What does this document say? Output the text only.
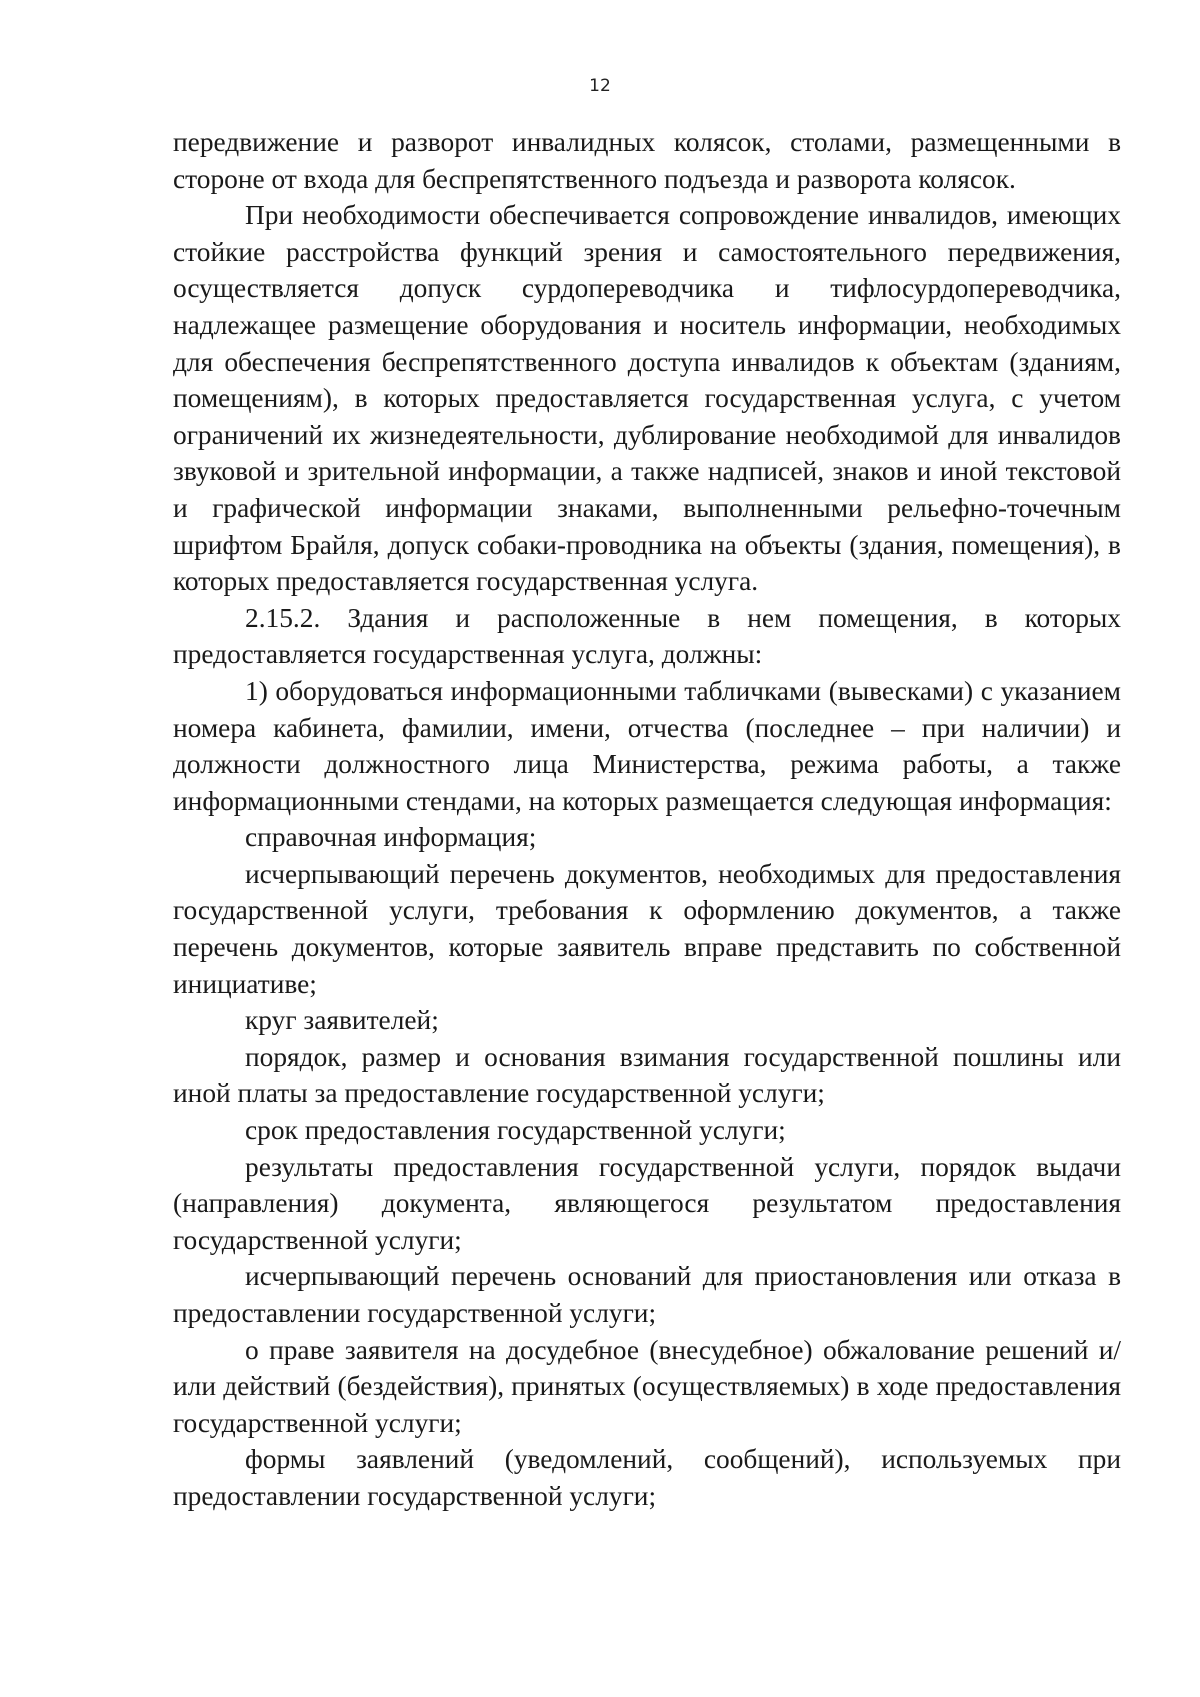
12

передвижение и разворот инвалидных колясок, столами, размещенными в стороне от входа для беспрепятственного подъезда и разворота колясок.

При необходимости обеспечивается сопровождение инвалидов, имеющих стойкие расстройства функций зрения и самостоятельного передвижения, осуществляется допуск сурдопереводчика и тифлосурдопереводчика, надлежащее размещение оборудования и носитель информации, необходимых для обеспечения беспрепятственного доступа инвалидов к объектам (зданиям, помещениям), в которых предоставляется государственная услуга, с учетом ограничений их жизнедеятельности, дублирование необходимой для инвалидов звуковой и зрительной информации, а также надписей, знаков и иной текстовой и графической информации знаками, выполненными рельефно-точечным шрифтом Брайля, допуск собаки-проводника на объекты (здания, помещения), в которых предоставляется государственная услуга.

2.15.2. Здания и расположенные в нем помещения, в которых предоставляется государственная услуга, должны:

1) оборудоваться информационными табличками (вывесками) с указанием номера кабинета, фамилии, имени, отчества (последнее – при наличии) и должности должностного лица Министерства, режима работы, а также информационными стендами, на которых размещается следующая информация:

справочная информация;

исчерпывающий перечень документов, необходимых для предоставления государственной услуги, требования к оформлению документов, а также перечень документов, которые заявитель вправе представить по собственной инициативе;

круг заявителей;

порядок, размер и основания взимания государственной пошлины или иной платы за предоставление государственной услуги;

срок предоставления государственной услуги;

результаты предоставления государственной услуги, порядок выдачи (направления) документа, являющегося результатом предоставления государственной услуги;

исчерпывающий перечень оснований для приостановления или отказа в предоставлении государственной услуги;

о праве заявителя на досудебное (внесудебное) обжалование решений и/или действий (бездействия), принятых (осуществляемых) в ходе предоставления государственной услуги;

формы заявлений (уведомлений, сообщений), используемых при предоставлении государственной услуги;
